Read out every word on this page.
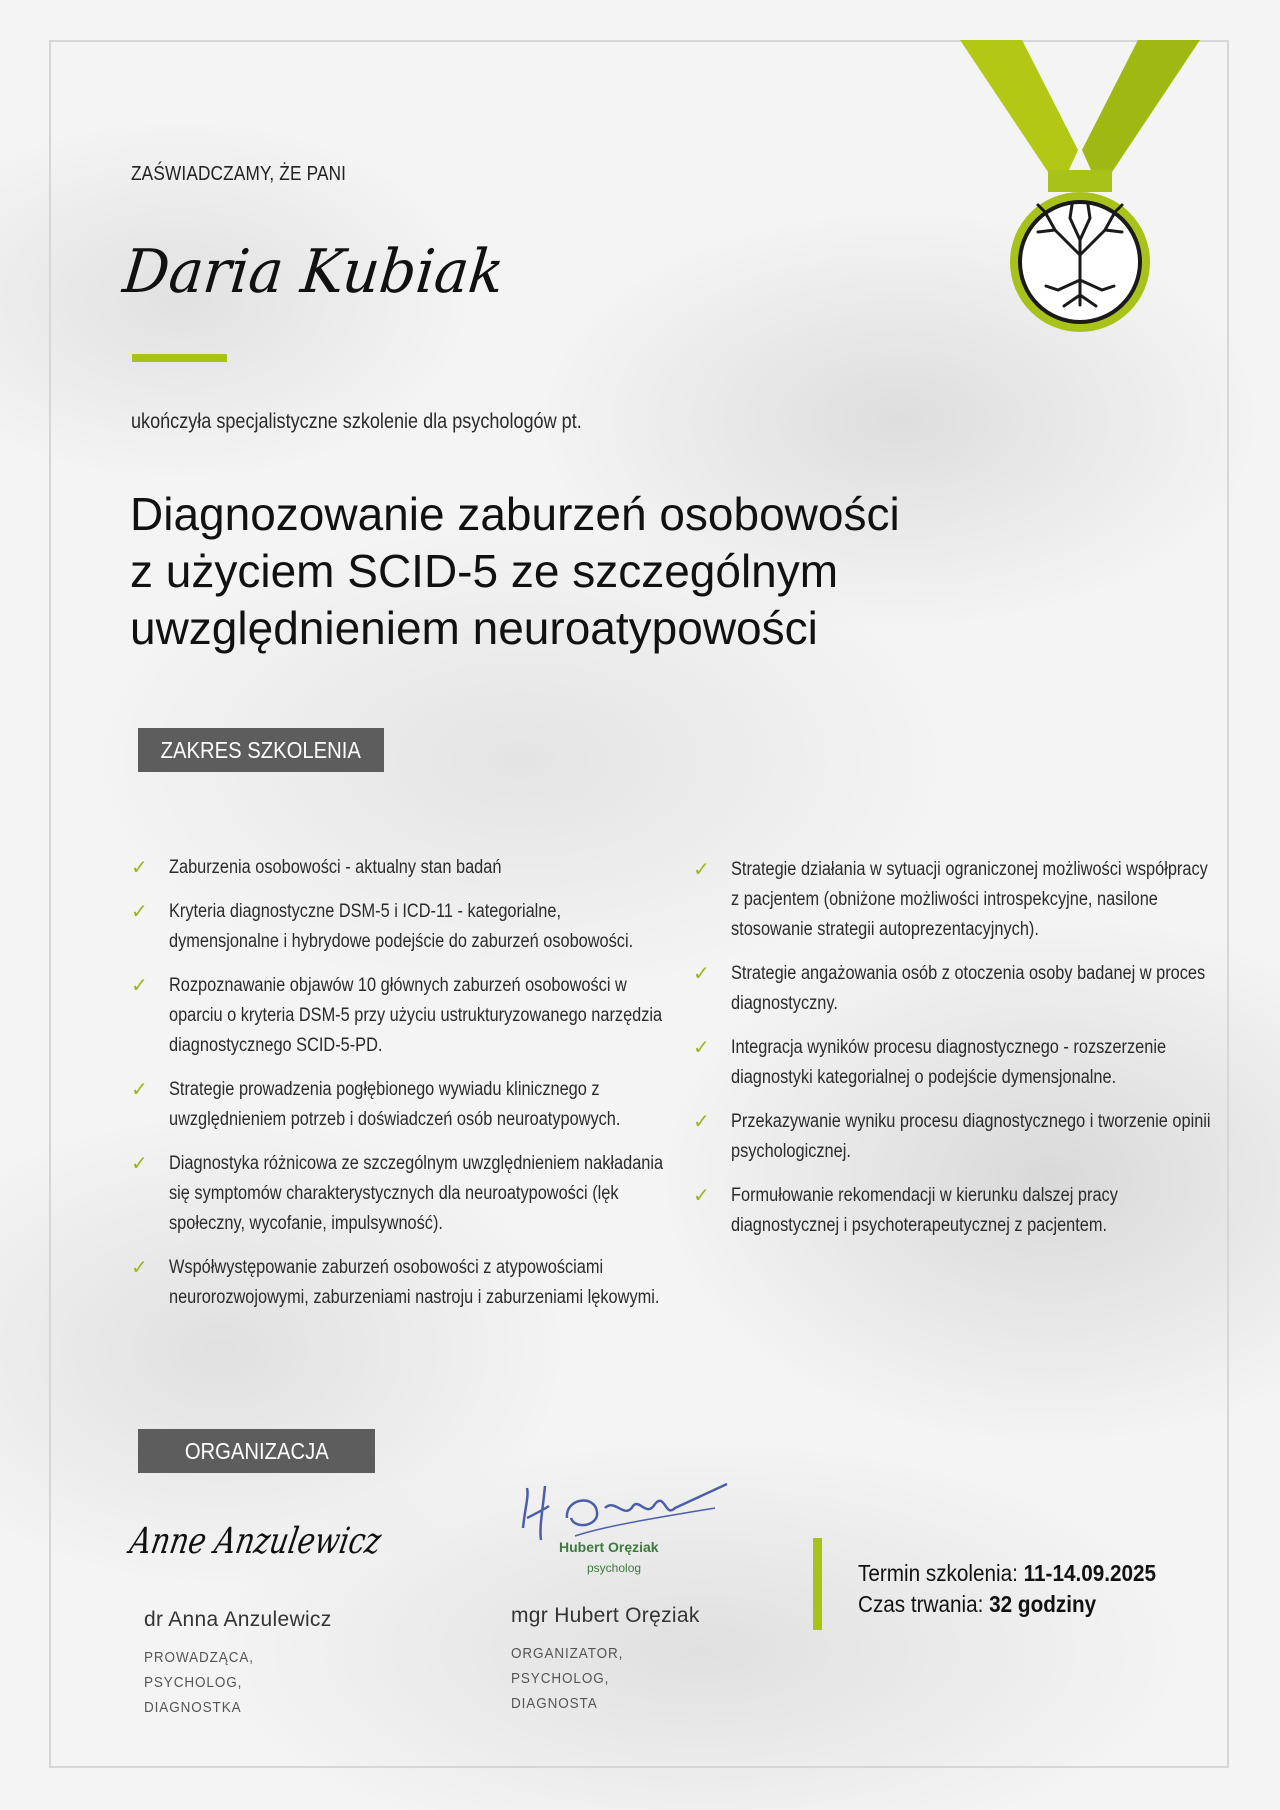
ZAŚWIADCZAMY, ŻE PANI
Daria Kubiak
ukończyła specjalistyczne szkolenie dla psychologów pt.
Diagnozowanie zaburzeń osobowości
z użyciem SCID-5 ze szczególnym
uwzględnieniem neuroatypowości
ZAKRES SZKOLENIA
✓ Zaburzenia osobowości - aktualny stan badań
✓ Kryteria diagnostyczne DSM-5 i ICD-11 - kategorialne, dymensjonalne i hybrydowe podejście do zaburzeń osobowości.
✓ Rozpoznawanie objawów 10 głównych zaburzeń osobowości w oparciu o kryteria DSM-5 przy użyciu ustrukturyzowanego narzędzia diagnostycznego SCID-5-PD.
✓ Strategie prowadzenia pogłębionego wywiadu klinicznego z uwzględnieniem potrzeb i doświadczeń osób neuroatypowych.
✓ Diagnostyka różnicowa ze szczególnym uwzględnieniem nakładania się symptomów charakterystycznych dla neuroatypowości (lęk społeczny, wycofanie, impulsywność).
✓ Współwystępowanie zaburzeń osobowości z atypowościami neurorozwojowymi, zaburzeniami nastroju i zaburzeniami lękowymi.
✓ Strategie działania w sytuacji ograniczonej możliwości współpracy z pacjentem (obniżone możliwości introspekcyjne, nasilone stosowanie strategii autoprezentacyjnych).
✓ Strategie angażowania osób z otoczenia osoby badanej w proces diagnostyczny.
✓ Integracja wyników procesu diagnostycznego - rozszerzenie diagnostyki kategorialnej o podejście dymensjonalne.
✓ Przekazywanie wyniku procesu diagnostycznego i tworzenie opinii psychologicznej.
✓ Formułowanie rekomendacji w kierunku dalszej pracy diagnostycznej i psychoterapeutycznej z pacjentem.
ORGANIZACJA
Anne Anzulewicz	Hubert Oręziak
psycholog
dr Anna Anzulewicz
PROWADZĄCA, PSYCHOLOG,
DIAGNOSTKA
mgr Hubert Oręziak
ORGANIZATOR, PSYCHOLOG,
DIAGNOSTA
Termin szkolenia: 11-14.09.2025
Czas trwania: 32 godziny
